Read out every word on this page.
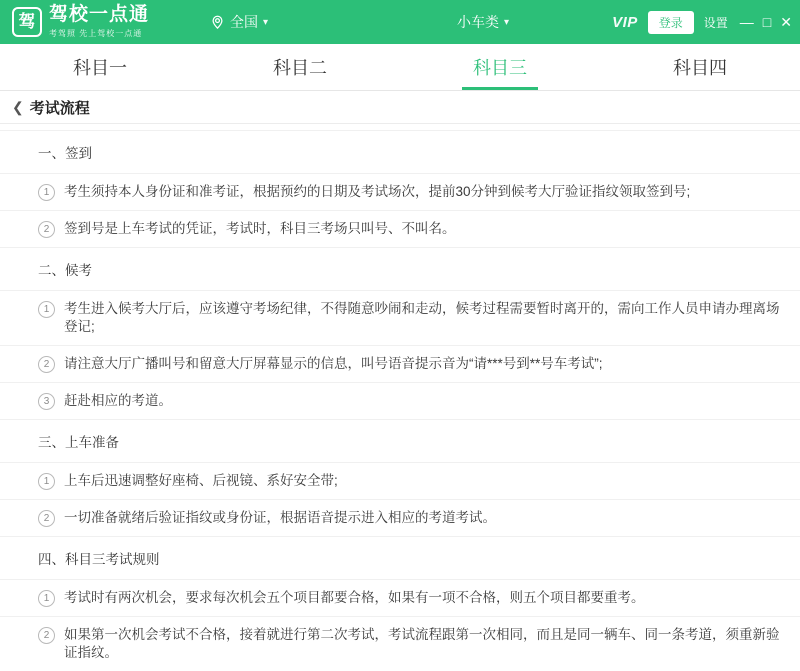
驾 驾校一点通
考驾照 先上驾校一点通
全国 ▾	小车类 ▾	VIP	登录	设置 — □ ✕
科目一	科目二	科目三	科目四
❮ 考试流程
一、签到
1	考生须持本人身份证和准考证，根据预约的日期及考试场次，提前30分钟到候考大厅验证指纹领取签到号;
2	签到号是上车考试的凭证，考试时，科目三考场只叫号、不叫名。
二、候考
1	考生进入候考大厅后，应该遵守考场纪律，不得随意吵闹和走动，候考过程需要暂时离开的，需向工作人员申请办理离场登记;
2	请注意大厅广播叫号和留意大厅屏幕显示的信息，叫号语音提示音为“请***号到**号车考试”;
3	赶赴相应的考道。
三、上车准备
1	上车后迅速调整好座椅、后视镜、系好安全带;
2	一切准备就绪后验证指纹或身份证，根据语音提示进入相应的考道考试。
四、科目三考试规则
1	考试时有两次机会，要求每次机会五个项目都要合格，如果有一项不合格，则五个项目都要重考。
2	如果第一次机会考试不合格，接着就进行第二次考试，考试流程跟第一次相同，而且是同一辆车、同一条考道，须重新验证指纹。
